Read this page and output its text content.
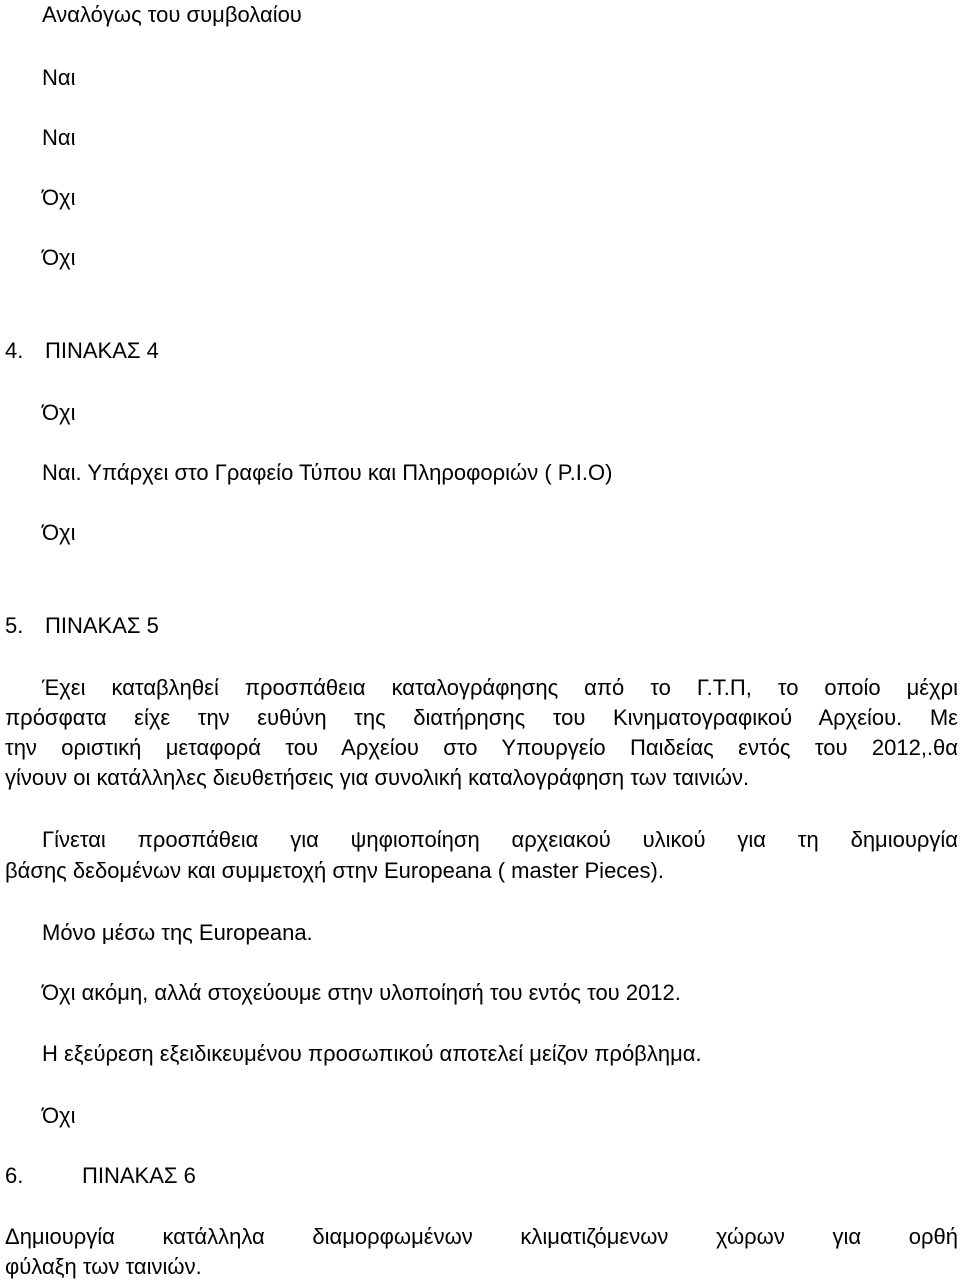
Αναλόγως του συμβολαίου
Ναι
Ναι
Όχι
Όχι
4. ΠΙΝΑΚΑΣ 4
Όχι
Ναι. Υπάρχει στο Γραφείο Τύπου και Πληροφοριών ( Ρ.Ι.Ο)
Όχι
5. ΠΙΝΑΚΑΣ 5
Έχει καταβληθεί προσπάθεια καταλογράφησης από το Γ.Τ.Π, το οποίο μέχρι
πρόσφατα είχε την ευθύνη της διατήρησης του Κινηματογραφικού Αρχείου. Με
την οριστική μεταφορά του Αρχείου στο Υπουργείο Παιδείας εντός του 2012,.θα
γίνουν οι κατάλληλες διευθετήσεις για συνολική καταλογράφηση των ταινιών.
Γίνεται προσπάθεια για ψηφιοποίηση αρχειακού υλικού για τη δημιουργία
βάσης δεδομένων και συμμετοχή στην Europeana ( master Pieces).
Μόνο μέσω της Europeana.
Όχι ακόμη, αλλά στοχεύουμε στην υλοποίησή του εντός του 2012.
Η εξεύρεση εξειδικευμένου προσωπικού αποτελεί μείζον πρόβλημα.
Όχι
6.	ΠΙΝΑΚΑΣ 6
Δημιουργία κατάλληλα διαμορφωμένων κλιματιζόμενων χώρων για ορθή
φύλαξη των ταινιών.
